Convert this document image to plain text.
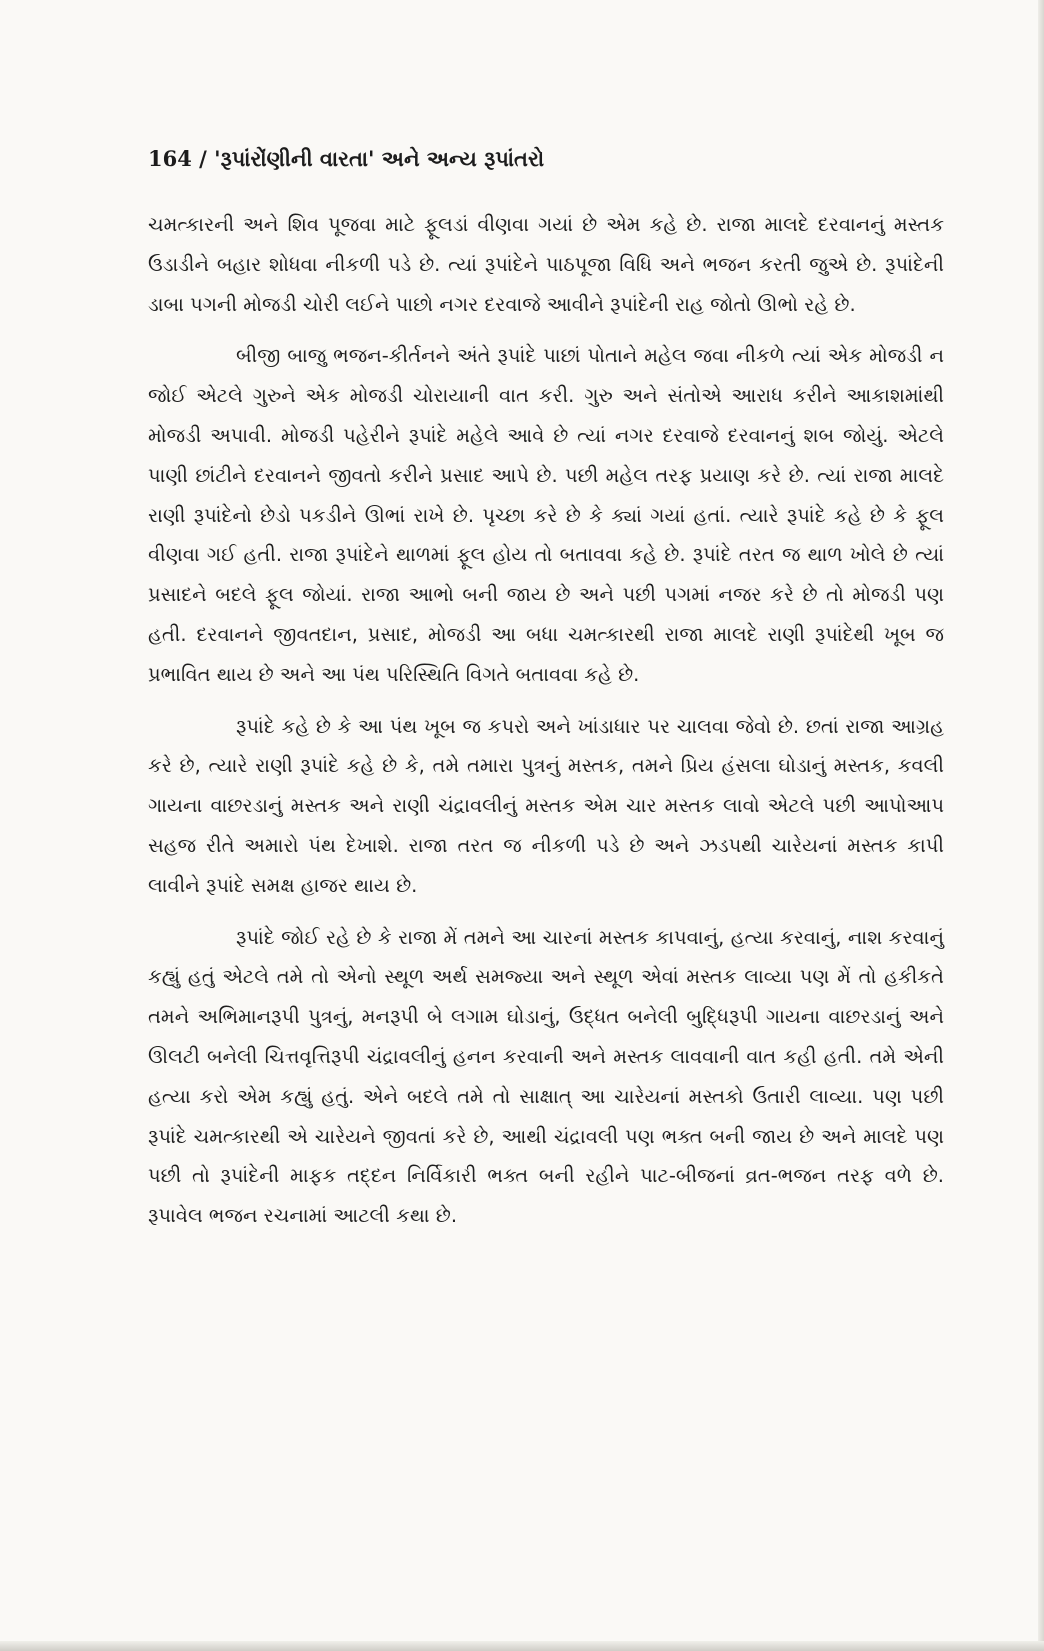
164 / 'રૂપાંરોંણીની વારતા' અને અન્ય રૂપાંતરો

ચમત્કારની અને શિવ પૂજવા માટે ફૂલડાં વીણવા ગયાં છે એમ કહે છે. રાજા માલદે દરવાનનું મસ્તક ઉડાડીને બહાર શોધવા નીકળી પડે છે. ત્યાં રૂપાંદેને પાઠપૂજા વિધિ અને ભજન કરતી જુએ છે. રૂપાંદેની ડાબા પગની મોજડી ચોરી લઈને પાછો નગર દરવાજે આવીને રૂપાંદેની રાહ જોતો ઊભો રહે છે.

બીજી બાજુ ભજન-કીર્તનને અંતે રૂપાંદે પાછાં પોતાને મહેલ જવા નીકળે ત્યાં એક મોજડી ન જોઈ એટલે ગુરુને એક મોજડી ચોરાયાની વાત કરી. ગુરુ અને સંતોએ આરાધ કરીને આકાશમાંથી મોજડી અપાવી. મોજડી પહેરીને રૂપાંદે મહેલે આવે છે ત્યાં નગર દરવાજે દરવાનનું શબ જોયું. એટલે પાણી છાંટીને દરવાનને જીવતો કરીને પ્રસાદ આપે છે. પછી મહેલ તરફ પ્રયાણ કરે છે. ત્યાં રાજા માલદે રાણી રૂપાંદેનો છેડો પકડીને ઊભાં રાખે છે. પૃચ્છા કરે છે કે ક્યાં ગયાં હતાં. ત્યારે રૂપાંદે કહે છે કે ફૂલ વીણવા ગઈ હતી. રાજા રૂપાંદેને થાળમાં ફૂલ હોય તો બતાવવા કહે છે. રૂપાંદે તરત જ થાળ ખોલે છે ત્યાં પ્રસાદને બદલે ફૂલ જોયાં. રાજા આભો બની જાય છે અને પછી પગમાં નજર કરે છે તો મોજડી પણ હતી. દરવાનને જીવતદાન, પ્રસાદ, મોજડી આ બધા ચમત્કારથી રાજા માલદે રાણી રૂપાંદેથી ખૂબ જ પ્રભાવિત થાય છે અને આ પંથ પરિસ્થિતિ વિગતે બતાવવા કહે છે.

રૂપાંદે કહે છે કે આ પંથ ખૂબ જ કપરો અને ખાંડાધાર પર ચાલવા જેવો છે. છતાં રાજા આગ્રહ કરે છે, ત્યારે રાણી રૂપાંદે કહે છે કે, તમે તમારા પુત્રનું મસ્તક, તમને પ્રિય હંસલા ઘોડાનું મસ્તક, કવલી ગાયના વાછરડાનું મસ્તક અને રાણી ચંદ્રાવલીનું મસ્તક એમ ચાર મસ્તક લાવો એટલે પછી આપોઆપ સહજ રીતે અમારો પંથ દેખાશે. રાજા તરત જ નીકળી પડે છે અને ઝડપથી ચારેયનાં મસ્તક કાપી લાવીને રૂપાંદે સમક્ષ હાજર થાય છે.

રૂપાંદે જોઈ રહે છે કે રાજા મેં તમને આ ચારનાં મસ્તક કાપવાનું, હત્યા કરવાનું, નાશ કરવાનું કહ્યું હતું એટલે તમે તો એનો સ્થૂળ અર્થ સમજ્યા અને સ્થૂળ એવાં મસ્તક લાવ્યા પણ મેં તો હકીકતે તમને અભિમાનરૂપી પુત્રનું, મનરૂપી બે લગામ ઘોડાનું, ઉદ્ધત બનેલી બુદ્ધિરૂપી ગાયના વાછરડાનું અને ઊલટી બનેલી ચિત્તવૃત્તિરૂપી ચંદ્રાવલીનું હનન કરવાની અને મસ્તક લાવવાની વાત કહી હતી. તમે એની હત્યા કરો એમ કહ્યું હતું. એને બદલે તમે તો સાક્ષાત્ આ ચારેયનાં મસ્તકો ઉતારી લાવ્યા. પણ પછી રૂપાંદે ચમત્કારથી એ ચારેયને જીવતાં કરે છે, આથી ચંદ્રાવલી પણ ભક્ત બની જાય છે અને માલદે પણ પછી તો રૂપાંદેની માફક તદ્દન નિર્વિકારી ભક્ત બની રહીને પાટ-બીજનાં વ્રત-ભજન તરફ વળે છે. રૂપાવેલ ભજન રચનામાં આટલી કથા છે.
